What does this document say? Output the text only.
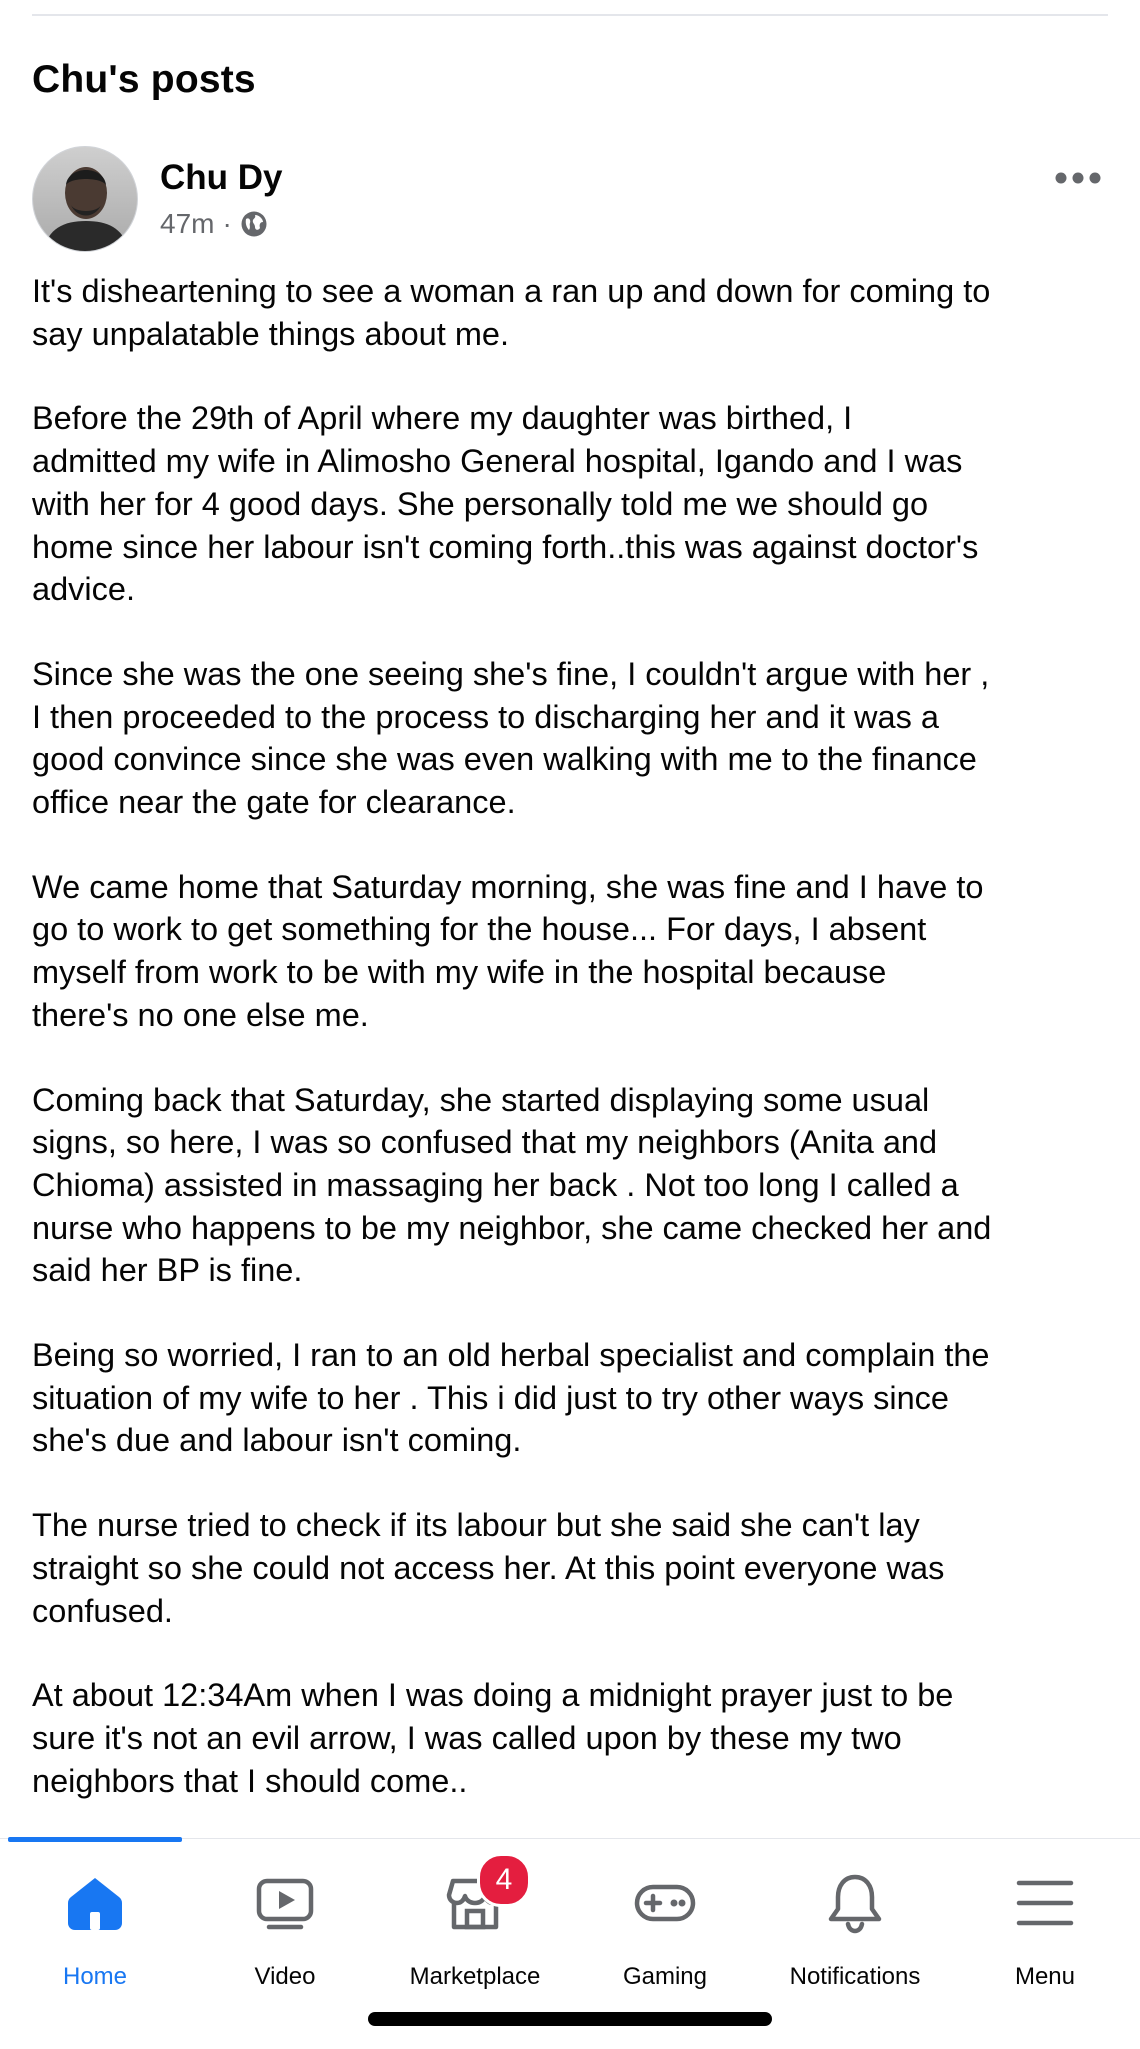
Chu's posts
Chu Dy
47m ·

It's disheartening to see a woman a ran up and down for coming to
say unpalatable things about me.

Before the 29th of April where my daughter was birthed, I
admitted my wife in Alimosho General hospital, Igando and I was
with her for 4 good days. She personally told me we should go
home since her labour isn't coming forth..this was against doctor's
advice.

Since she was the one seeing she's fine, I couldn't argue with her ,
I then proceeded to the process to discharging her and it was a
good convince since she was even walking with me to the finance
office near the gate for clearance.

We came home that Saturday morning, she was fine and I have to
go to work to get something for the house... For days, I absent
myself from work to be with my wife in the hospital because
there's no one else me.

Coming back that Saturday, she started displaying some usual
signs, so here, I was so confused that my neighbors (Anita and
Chioma) assisted in massaging her back . Not too long I called a
nurse who happens to be my neighbor, she came checked her and
said her BP is fine.

Being so worried, I ran to an old herbal specialist and complain the
situation of my wife to her . This i did just to try other ways since
she's due and labour isn't coming.

The nurse tried to check if its labour but she said she can't lay
straight so she could not access her. At this point everyone was
confused.

At about 12:34Am when I was doing a midnight prayer just to be
sure it's not an evil arrow, I was called upon by these my two
neighbors that I should come..

Home	Video
4
Marketplace	Gaming	Notifications	Menu
